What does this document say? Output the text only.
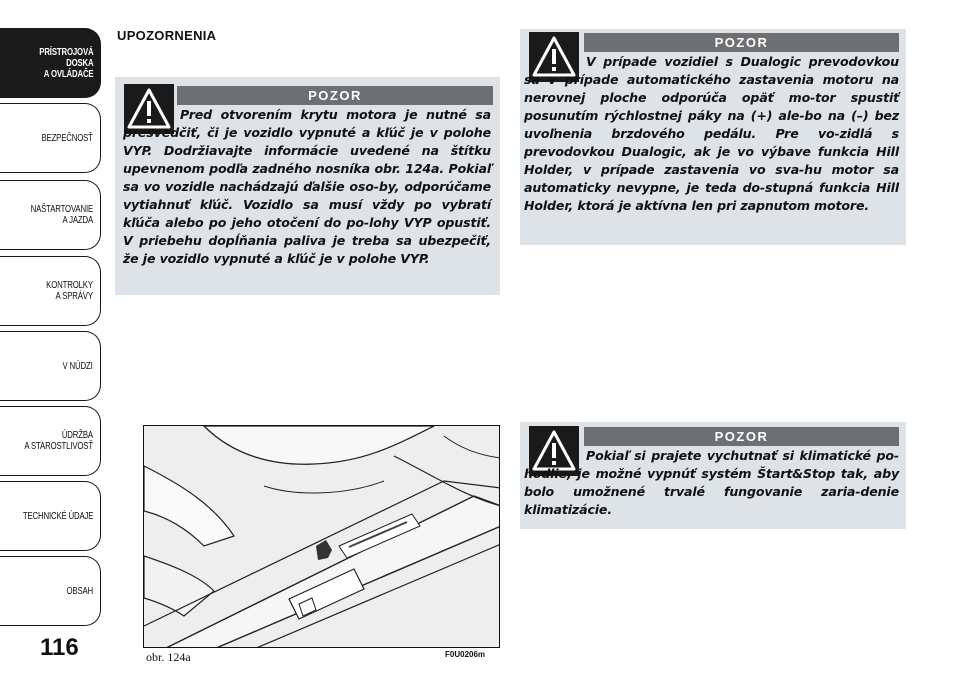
PRÍSTROJOVÁ
DOSKA
A OVLÁDAČE
BEZPEČNOSŤ
NAŠTARTOVANIE
A JAZDA
KONTROLKY
A SPRÁVY
V NÚDZI
ÚDRŽBA
A STAROSTLIVOSŤ
TECHNICKÉ ÚDAJE
OBSAH
116
UPOZORNENIA
POZOR
Pred otvorením krytu motora je nutné sa presvedčiť, či je vozidlo vypnuté a kľúč je v polohe VYP. Dodržiavajte informácie uvedené na štítku upevnenom podľa zadného nosníka obr. 124a. Pokiaľ sa vo vozidle nachádzajú ďalšie oso-by, odporúčame vytiahnuť kľúč. Vozidlo sa musí vždy po vybratí kľúča alebo po jeho otočení do po-lohy VYP opustiť. V priebehu dopĺňania paliva je treba sa ubezpečiť, že je vozidlo vypnuté a kľúč je v polohe VYP.
POZOR
V prípade vozidiel s Dualogic prevodovkou sa v prípade automatického zastavenia motoru na nerovnej ploche odporúča opäť mo-tor spustiť posunutím rýchlostnej páky na (+) ale-bo na (–) bez uvoľnenia brzdového pedálu. Pre vo-zidlá s prevodovkou Dualogic, ak je vo výbave funkcia Hill Holder, v prípade zastavenia vo sva-hu motor sa automaticky nevypne, je teda do-stupná funkcia Hill Holder, ktorá je aktívna len pri zapnutom motore.
POZOR
Pokiaľ si prajete vychutnať si klimatické po-hodlie, je možné vypnúť systém Štart&Stop tak, aby bolo umožnené trvalé fungovanie zaria-denie klimatizácie.
obr. 124a	F0U0206m
